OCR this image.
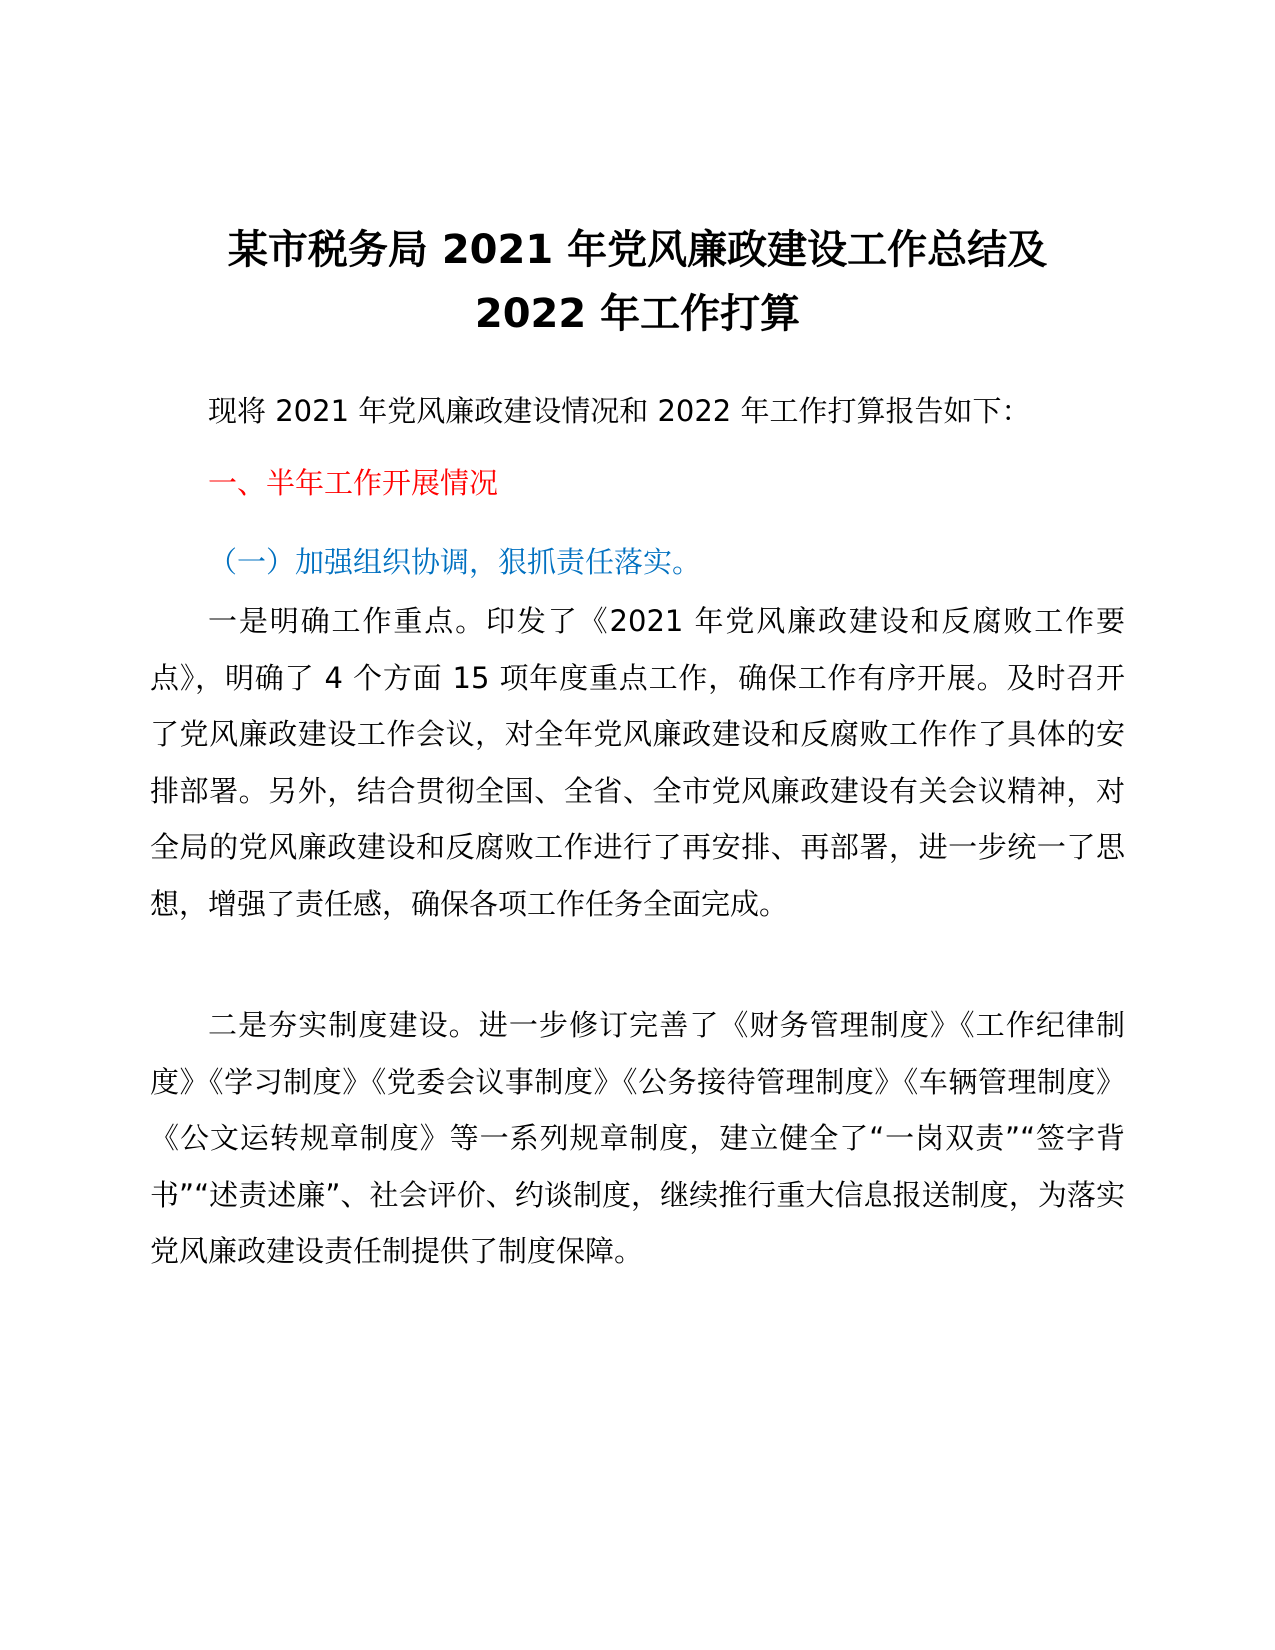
某市税务局 2021 年党风廉政建设工作总结及
2022 年工作打算

现将 2021 年党风廉政建设情况和 2022 年工作打算报告如下：

一、半年工作开展情况
（一）加强组织协调，狠抓责任落实。

一是明确工作重点。印发了《2021 年党风廉政建设和反腐败工作要点》，明确了 4 个方面 15 项年度重点工作，确保工作有序开展。及时召开了党风廉政建设工作会议，对全年党风廉政建设和反腐败工作作了具体的安排部署。另外，结合贯彻全国、全省、全市党风廉政建设有关会议精神，对全局的党风廉政建设和反腐败工作进行了再安排、再部署，进一步统一了思想，增强了责任感，确保各项工作任务全面完成。

二是夯实制度建设。进一步修订完善了《财务管理制度》《工作纪律制度》《学习制度》《党委会议事制度》《公务接待管理制度》《车辆管理制度》《公文运转规章制度》等一系列规章制度，建立健全了“一岗双责”“签字背书”“述责述廉”、社会评价、约谈制度，继续推行重大信息报送制度，为落实党风廉政建设责任制提供了制度保障。
